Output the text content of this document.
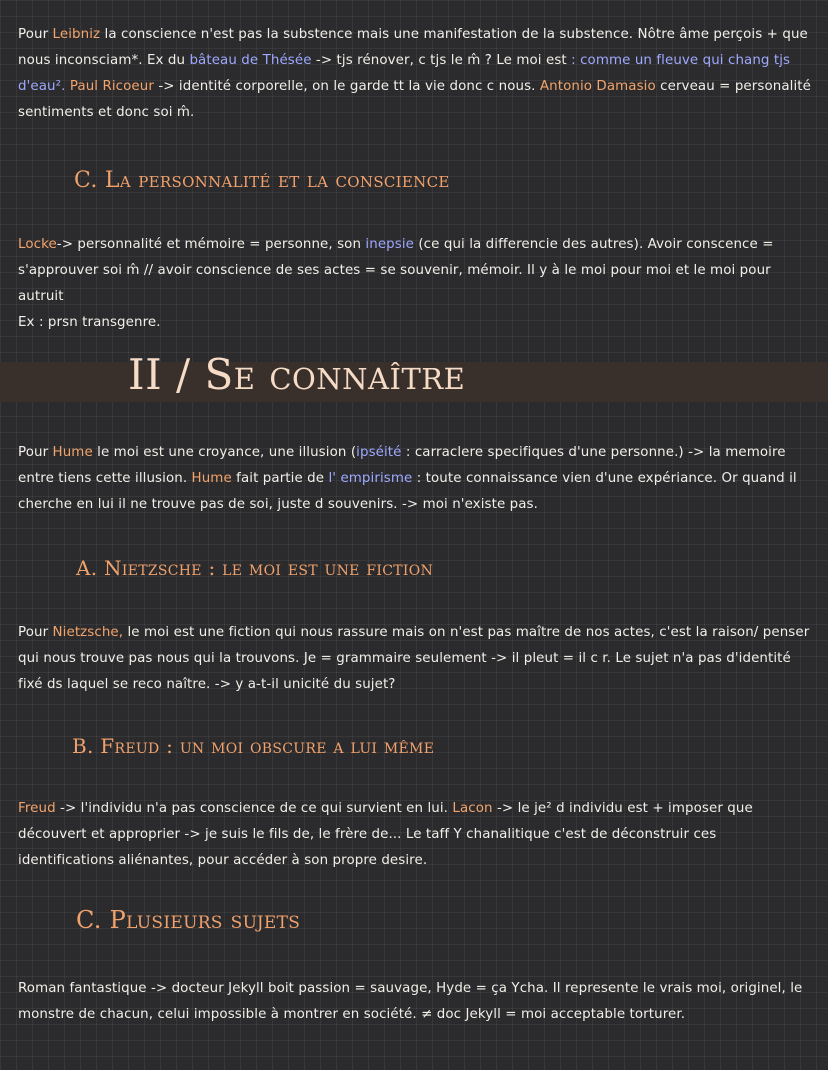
Pour Leibniz la conscience n'est pas la substence mais une manifestation de la substence. Nôtre âme perçois + que nous inconsciam*. Ex du bâteau de Thésée -> tjs rénover, c tjs le m̂ ? Le moi est : comme un fleuve qui chang tjs d'eau². Paul Ricoeur -> identité corporelle, on le garde tt la vie donc c nous. Antonio Damasio cerveau = personalité sentiments et donc soi m̂.
C. La personnalité et la conscience
Locke-> personnalité et mémoire = personne, son inepsie (ce qui la differencie des autres). Avoir conscence = s'approuver soi m̂ // avoir conscience de ses actes = se souvenir, mémoir. Il y à le moi pour moi et le moi pour autruit
Ex : prsn transgenre.
II / Se connaître
Pour Hume le moi est une croyance, une illusion (ipséité : carraclere specifiques d'une personne.) -> la memoire entre tiens cette illusion. Hume fait partie de l' empirisme : toute connaissance vien d'une expériance. Or quand il cherche en lui il ne trouve pas de soi, juste d souvenirs. -> moi n'existe pas.
A. Nietzsche : le moi est une fiction
Pour Nietzsche, le moi est une fiction qui nous rassure mais on n'est pas maître de nos actes, c'est la raison/ penser qui nous trouve pas nous qui la trouvons. Je = grammaire seulement -> il pleut = il c r. Le sujet n'a pas d'identité fixé ds laquel se reco naître. -> y a-t-il unicité du sujet?
B. Freud : un moi obscure a lui même
Freud -> l'individu n'a pas conscience de ce qui survient en lui. Lacon -> le je² d individu est + imposer que découvert et approprier -> je suis le fils de, le frère de... Le taff Y chanalitique c'est de déconstruir ces identifications aliénantes, pour accéder à son propre desire.
C. Plusieurs sujets
Roman fantastique -> docteur Jekyll boit passion = sauvage, Hyde = ça Ycha. Il represente le vrais moi, originel, le monstre de chacun, celui impossible à montrer en société. ≠ doc Jekyll = moi acceptable torturer.
